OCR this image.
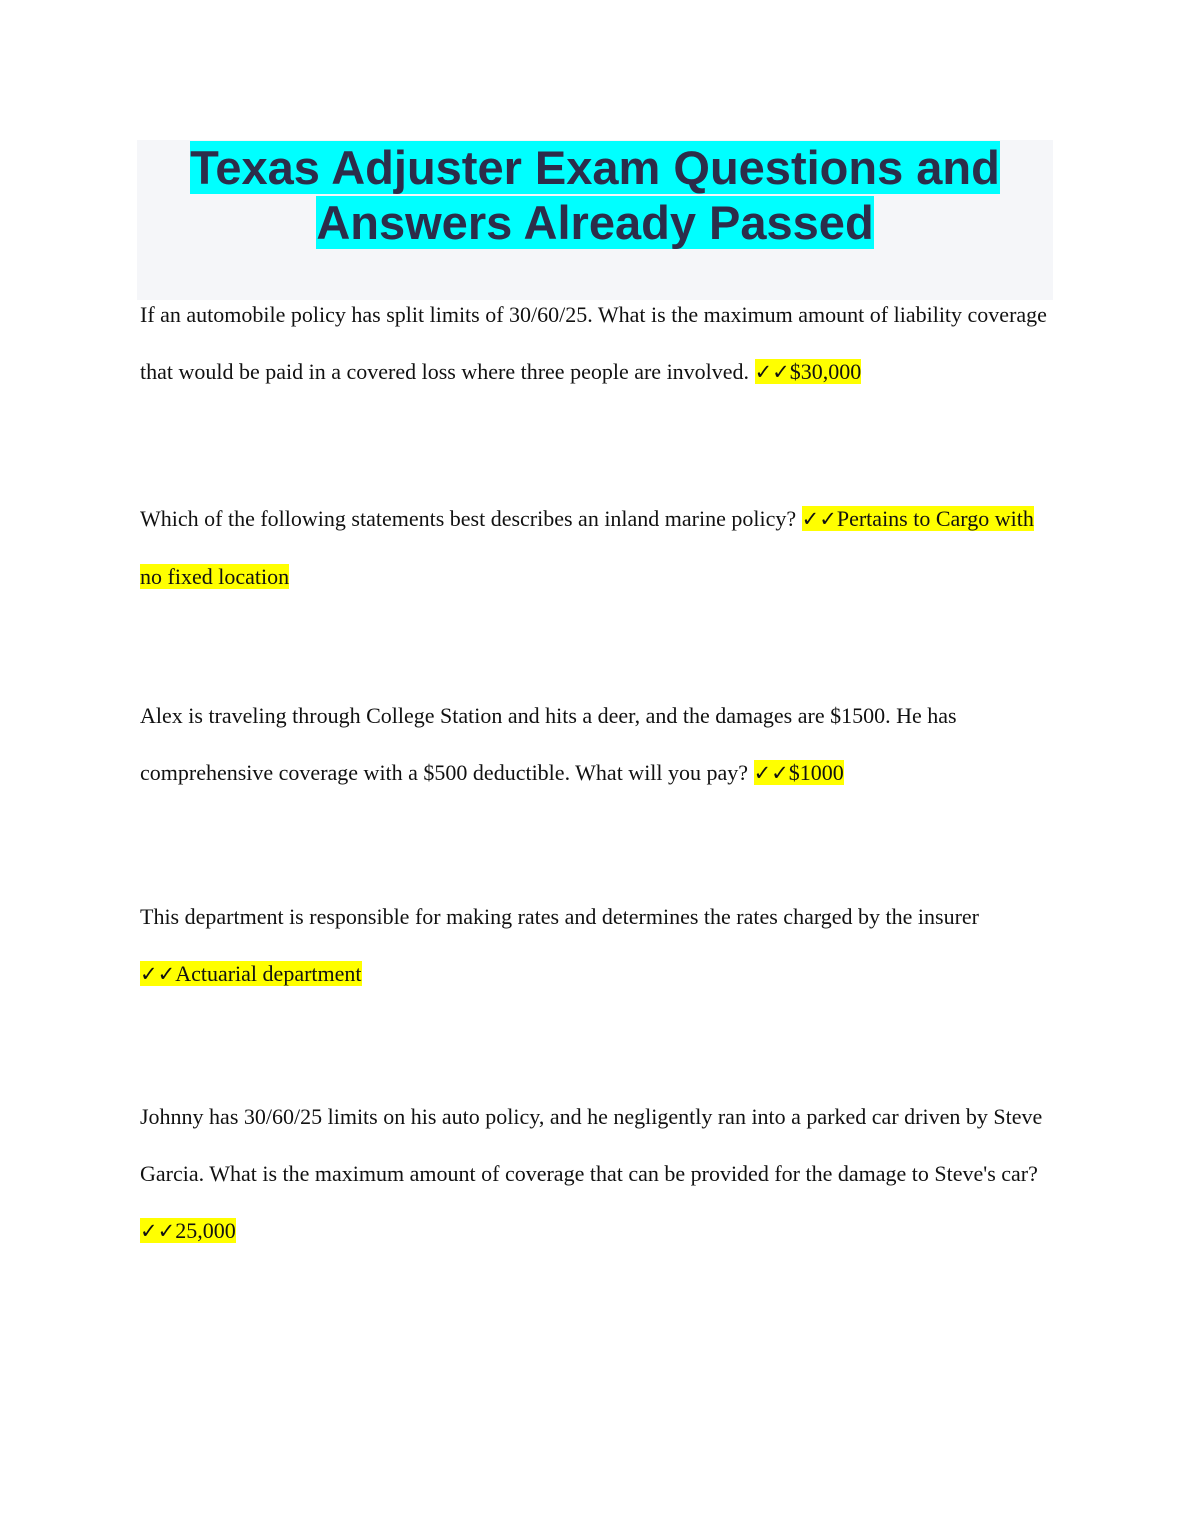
Texas Adjuster Exam Questions and
Answers Already Passed

If an automobile policy has split limits of 30/60/25. What is the maximum amount of liability coverage that would be paid in a covered loss where three people are involved. ✓✓$30,000

Which of the following statements best describes an inland marine policy? ✓✓Pertains to Cargo with no fixed location

Alex is traveling through College Station and hits a deer, and the damages are $1500. He has comprehensive coverage with a $500 deductible. What will you pay? ✓✓$1000

This department is responsible for making rates and determines the rates charged by the insurer ✓✓Actuarial department

Johnny has 30/60/25 limits on his auto policy, and he negligently ran into a parked car driven by Steve Garcia. What is the maximum amount of coverage that can be provided for the damage to Steve's car? ✓✓25,000
